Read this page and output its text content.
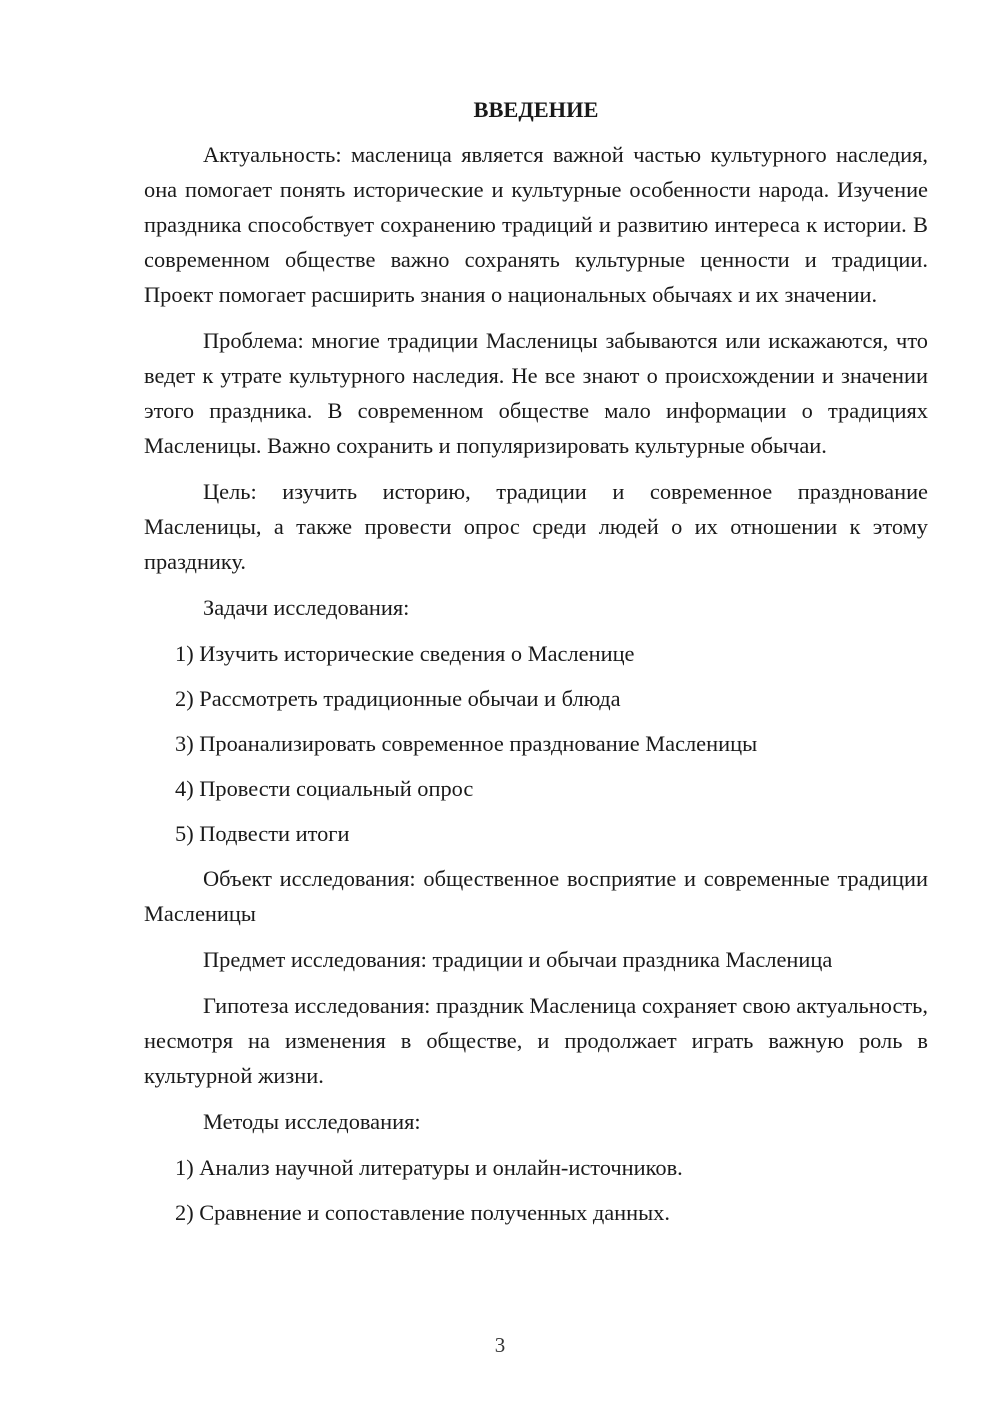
ВВЕДЕНИЕ

Актуальность: масленица является важной частью культурного наследия, она помогает понять исторические и культурные особенности народа. Изучение праздника способствует сохранению традиций и развитию интереса к истории. В современном обществе важно сохранять культурные ценности и традиции. Проект помогает расширить знания о национальных обычаях и их значении.

Проблема: многие традиции Масленицы забываются или искажаются, что ведет к утрате культурного наследия. Не все знают о происхождении и значении этого праздника. В современном обществе мало информации о традициях Масленицы. Важно сохранить и популяризировать культурные обычаи.

Цель: изучить историю, традиции и современное празднование Масленицы, а также провести опрос среди людей о их отношении к этому празднику.

Задачи исследования:

1) Изучить исторические сведения о Масленице
2) Рассмотреть традиционные обычаи и блюда
3) Проанализировать современное празднование Масленицы
4) Провести социальный опрос
5) Подвести итоги

Объект исследования: общественное восприятие и современные традиции Масленицы

Предмет исследования: традиции и обычаи праздника Масленица

Гипотеза исследования: праздник Масленица сохраняет свою актуальность, несмотря на изменения в обществе, и продолжает играть важную роль в культурной жизни.

Методы исследования:

1) Анализ научной литературы и онлайн-источников.
2) Сравнение и сопоставление полученных данных.
3
